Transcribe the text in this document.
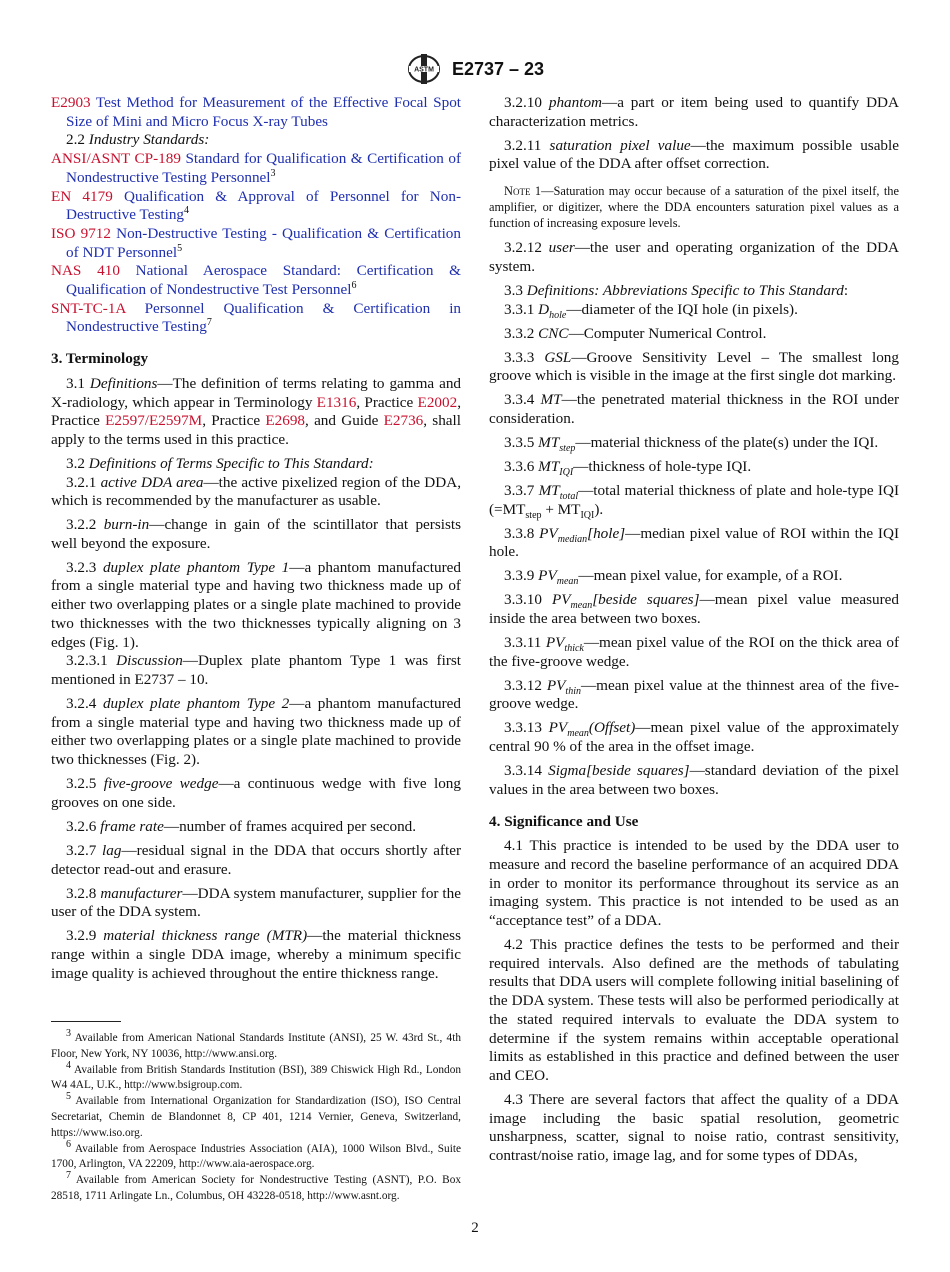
ASTM E2737 – 23

E2903 Test Method for Measurement of the Effective Focal Spot Size of Mini and Micro Focus X-ray Tubes

2.2 Industry Standards:

ANSI/ASNT CP-189 Standard for Qualification & Certification of Nondestructive Testing Personnel$^3$

EN 4179 Qualification & Approval of Personnel for Non-Destructive Testing$^4$

ISO 9712 Non-Destructive Testing - Qualification & Certification of NDT Personnel$^5$

NAS 410 National Aerospace Standard: Certification & Qualification of Nondestructive Test Personnel$^6$

SNT-TC-1A Personnel Qualification & Certification in Nondestructive Testing$^7$

3. Terminology

3.1 Definitions—The definition of terms relating to gamma and X-radiology, which appear in Terminology E1316, Practice E2002, Practice E2597/E2597M, Practice E2698, and Guide E2736, shall apply to the terms used in this practice.

3.2 Definitions of Terms Specific to This Standard:

3.2.1 active DDA area—the active pixelized region of the DDA, which is recommended by the manufacturer as usable.

3.2.2 burn-in—change in gain of the scintillator that persists well beyond the exposure.

3.2.3 duplex plate phantom Type 1—a phantom manufactured from a single material type and having two thickness made up of either two overlapping plates or a single plate machined to provide two thicknesses with the two thicknesses typically aligning on 3 edges (Fig. 1).

3.2.3.1 Discussion—Duplex plate phantom Type 1 was first mentioned in E2737 – 10.

3.2.4 duplex plate phantom Type 2—a phantom manufactured from a single material type and having two thickness made up of either two overlapping plates or a single plate machined to provide two thicknesses (Fig. 2).

3.2.5 five-groove wedge—a continuous wedge with five long grooves on one side.

3.2.6 frame rate—number of frames acquired per second.

3.2.7 lag—residual signal in the DDA that occurs shortly after detector read-out and erasure.

3.2.8 manufacturer—DDA system manufacturer, supplier for the user of the DDA system.

3.2.9 material thickness range (MTR)—the material thickness range within a single DDA image, whereby a minimum specific image quality is achieved throughout the entire thickness range.

$^3$ Available from American National Standards Institute (ANSI), 25 W. 43rd St., 4th Floor, New York, NY 10036, http://www.ansi.org.

$^4$ Available from British Standards Institution (BSI), 389 Chiswick High Rd., London W4 4AL, U.K., http://www.bsigroup.com.

$^5$ Available from International Organization for Standardization (ISO), ISO Central Secretariat, Chemin de Blandonnet 8, CP 401, 1214 Vernier, Geneva, Switzerland, https://www.iso.org.

$^6$ Available from Aerospace Industries Association (AIA), 1000 Wilson Blvd., Suite 1700, Arlington, VA 22209, http://www.aia-aerospace.org.

$^7$ Available from American Society for Nondestructive Testing (ASNT), P.O. Box 28518, 1711 Arlingate Ln., Columbus, OH 43228-0518, http://www.asnt.org.

3.2.10 phantom—a part or item being used to quantify DDA characterization metrics.

3.2.11 saturation pixel value—the maximum possible usable pixel value of the DDA after offset correction.

Note 1—Saturation may occur because of a saturation of the pixel itself, the amplifier, or digitizer, where the DDA encounters saturation pixel values as a function of increasing exposure levels.

3.2.12 user—the user and operating organization of the DDA system.

3.3 Definitions: Abbreviations Specific to This Standard:

3.3.1 $D_{hole}—diameter$ of the IQI hole (in pixels).

3.3.2 CNC—Computer Numerical Control.

3.3.3 GSL—Groove Sensitivity Level – The smallest long groove which is visible in the image at the first single dot marking.

3.3.4 MT—the penetrated material thickness in the ROI under consideration.

3.3.5 $MT_{step}—material$ thickness of the plate(s) under the IQI.

3.3.6 $MT_{IQI}—thickness$ of hole-type IQI.

3.3.7 $MT_{total}—total$ material thickness of plate and hole-type IQI $(=MT_{step} + MT_{IQI})$.

3.3.8 $PV_{median}[hole]—median$ pixel value of ROI within the IQI hole.

3.3.9 $PV_{mean}—mean$ pixel value, for example, of a ROI.

3.3.10 $PV_{mean}[beside$ squares]—mean pixel value measured inside the area between two boxes.

3.3.11 $PV_{thick}—mean$ pixel value of the ROI on the thick area of the five-groove wedge.

3.3.12 $PV_{thin}—mean$ pixel value at the thinnest area of the five-groove wedge.

3.3.13 $PV_{mean}(Offset)—mean$ pixel value of the approximately central 90 % of the area in the offset image.

3.3.14 Sigma[beside squares]—standard deviation of the pixel values in the area between two boxes.

4. Significance and Use

4.1 This practice is intended to be used by the DDA user to measure and record the baseline performance of an acquired DDA in order to monitor its performance throughout its service as an imaging system. This practice is not intended to be used as an “acceptance test” of a DDA.

4.2 This practice defines the tests to be performed and their required intervals. Also defined are the methods of tabulating results that DDA users will complete following initial baselining of the DDA system. These tests will also be performed periodically at the stated required intervals to evaluate the DDA system to determine if the system remains within acceptable operational limits as established in this practice and defined between the user and CEO.

4.3 There are several factors that affect the quality of a DDA image including the basic spatial resolution, geometric unsharpness, scatter, signal to noise ratio, contrast sensitivity, contrast/noise ratio, image lag, and for some types of DDAs,

2
